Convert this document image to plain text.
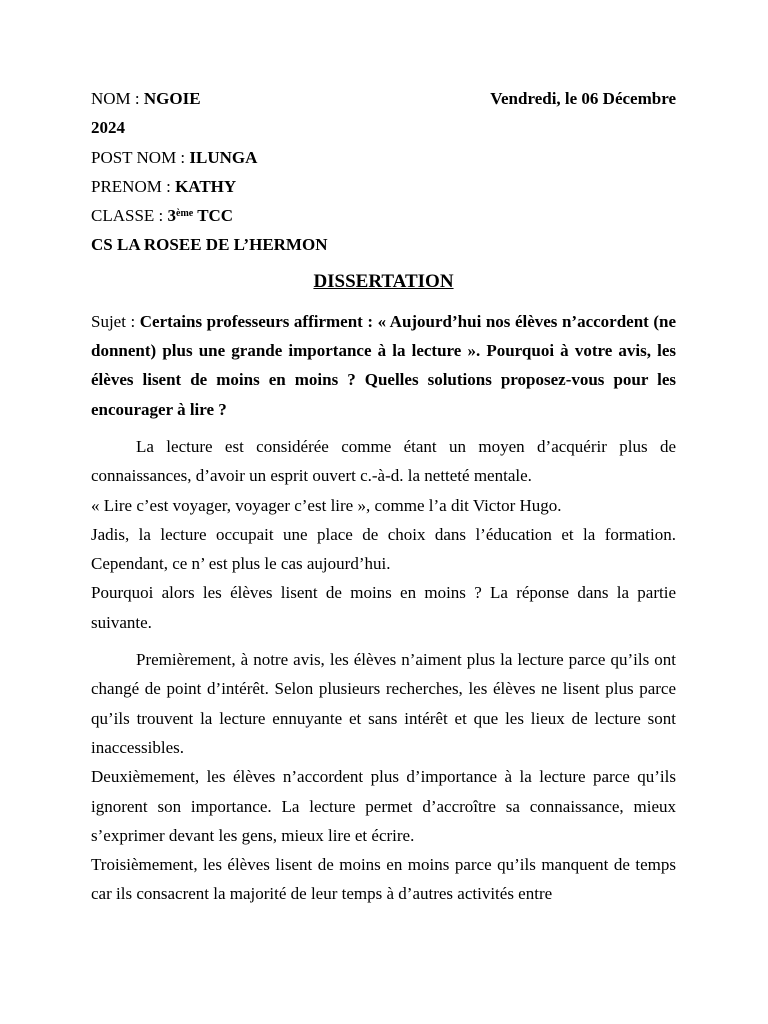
NOM : NGOIE	Vendredi, le 06 Décembre
2024
POST NOM : ILUNGA
PRENOM : KATHY
CLASSE : 3ème TCC
CS LA ROSEE DE L’HERMON
DISSERTATION
Sujet : Certains professeurs affirment : « Aujourd’hui nos élèves n’accordent (ne donnent) plus une grande importance à la lecture ». Pourquoi à votre avis, les élèves lisent de moins en moins ? Quelles solutions proposez-vous pour les encourager à lire ?
La lecture est considérée comme étant un moyen d’acquérir plus de connaissances, d’avoir un esprit ouvert c.-à-d. la netteté mentale.
« Lire c’est voyager, voyager c’est lire », comme l’a dit Victor Hugo.
Jadis, la lecture occupait une place de choix dans l’éducation et la formation. Cependant, ce n’ est plus le cas aujourd’hui.
Pourquoi alors les élèves lisent de moins en moins ? La réponse dans la partie suivante.
Premièrement, à notre avis, les élèves n’aiment plus la lecture parce qu’ils ont changé de point d’intérêt. Selon plusieurs recherches, les élèves ne lisent plus parce qu’ils trouvent la lecture ennuyante et sans intérêt et que les lieux de lecture sont inaccessibles.
Deuxièmement, les élèves n’accordent plus d’importance à la lecture parce qu’ils ignorent son importance. La lecture permet d’accroître sa connaissance, mieux s’exprimer devant les gens, mieux lire et écrire.
Troisièmement, les élèves lisent de moins en moins parce qu’ils manquent de temps car ils consacrent la majorité de leur temps à d’autres activités entre
